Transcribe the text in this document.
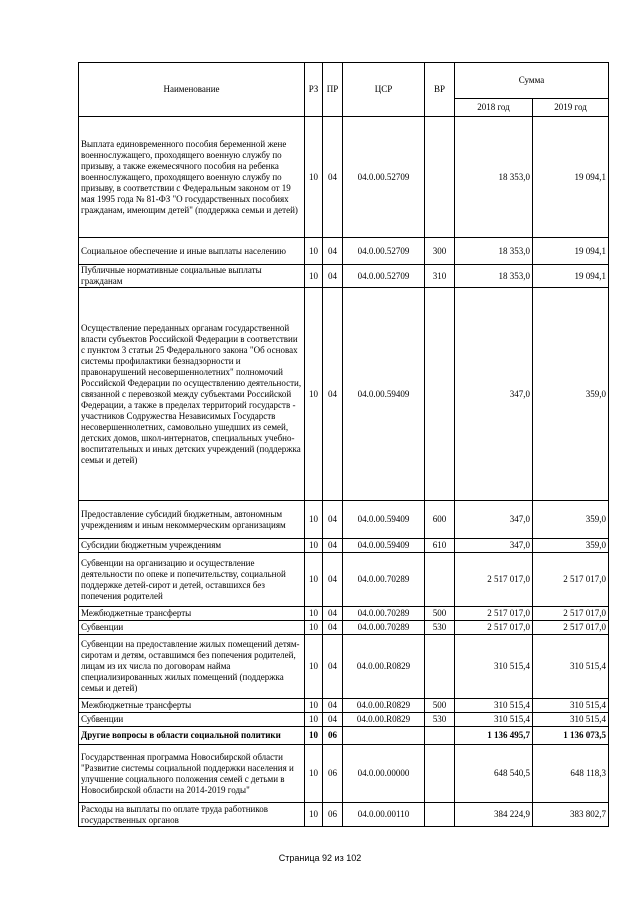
Наименование	РЗ	ПР	ЦСР	ВР	Сумма	
					2018 год	2019 год
Выплата единовременного пособия беременной жене военнослужащего, проходящего военную службу по призыву, а также ежемесячного пособия на ребенка военнослужащего, проходящего военную службу по призыву, в соответствии с Федеральным законом от 19 мая 1995 года № 81-ФЗ "О государственных пособиях гражданам, имеющим детей" (поддержка семьи и детей)	10	04	04.0.00.52709		18 353,0	19 094,1
Социальное обеспечение и иные выплаты населению	10	04	04.0.00.52709	300	18 353,0	19 094,1
Публичные нормативные социальные выплаты гражданам	10	04	04.0.00.52709	310	18 353,0	19 094,1
Осуществление переданных органам государственной власти субъектов Российской Федерации в соответствии с пунктом 3 статьи 25 Федерального закона "Об основах системы профилактики безнадзорности и правонарушений несовершеннолетних" полномочий Российской Федерации по осуществлению деятельности, связанной с перевозкой между субъектами Российской Федерации, а также в пределах территорий государств - участников Содружества Независимых Государств несовершеннолетних, самовольно ушедших из семей, детских домов, школ-интернатов, специальных учебно-воспитательных и иных детских учреждений (поддержка семьи и детей)	10	04	04.0.00.59409		347,0	359,0
Предоставление субсидий бюджетным, автономным учреждениям и иным некоммерческим организациям	10	04	04.0.00.59409	600	347,0	359,0
Субсидии бюджетным учреждениям	10	04	04.0.00.59409	610	347,0	359,0
Субвенции на организацию и осуществление деятельности по опеке и попечительству, социальной поддержке детей-сирот и детей, оставшихся без попечения родителей	10	04	04.0.00.70289		2 517 017,0	2 517 017,0
Межбюджетные трансферты	10	04	04.0.00.70289	500	2 517 017,0	2 517 017,0
Субвенции	10	04	04.0.00.70289	530	2 517 017,0	2 517 017,0
Субвенции на предоставление жилых помещений детям-сиротам и детям, оставшимся без попечения родителей, лицам из их числа по договорам найма специализированных жилых помещений (поддержка семьи и детей)	10	04	04.0.00.R0829		310 515,4	310 515,4
Межбюджетные трансферты	10	04	04.0.00.R0829	500	310 515,4	310 515,4
Субвенции	10	04	04.0.00.R0829	530	310 515,4	310 515,4
Другие вопросы в области социальной политики	10	06			1 136 495,7	1 136 073,5
Государственная программа Новосибирской области "Развитие системы социальной поддержки населения и улучшение социального положения семей с детьми в Новосибирской области на 2014-2019 годы"	10	06	04.0.00.00000		648 540,5	648 118,3
Расходы на выплаты по оплате труда работников государственных органов	10	06	04.0.00.00110		384 224,9	383 802,7
Страница 92 из 102
